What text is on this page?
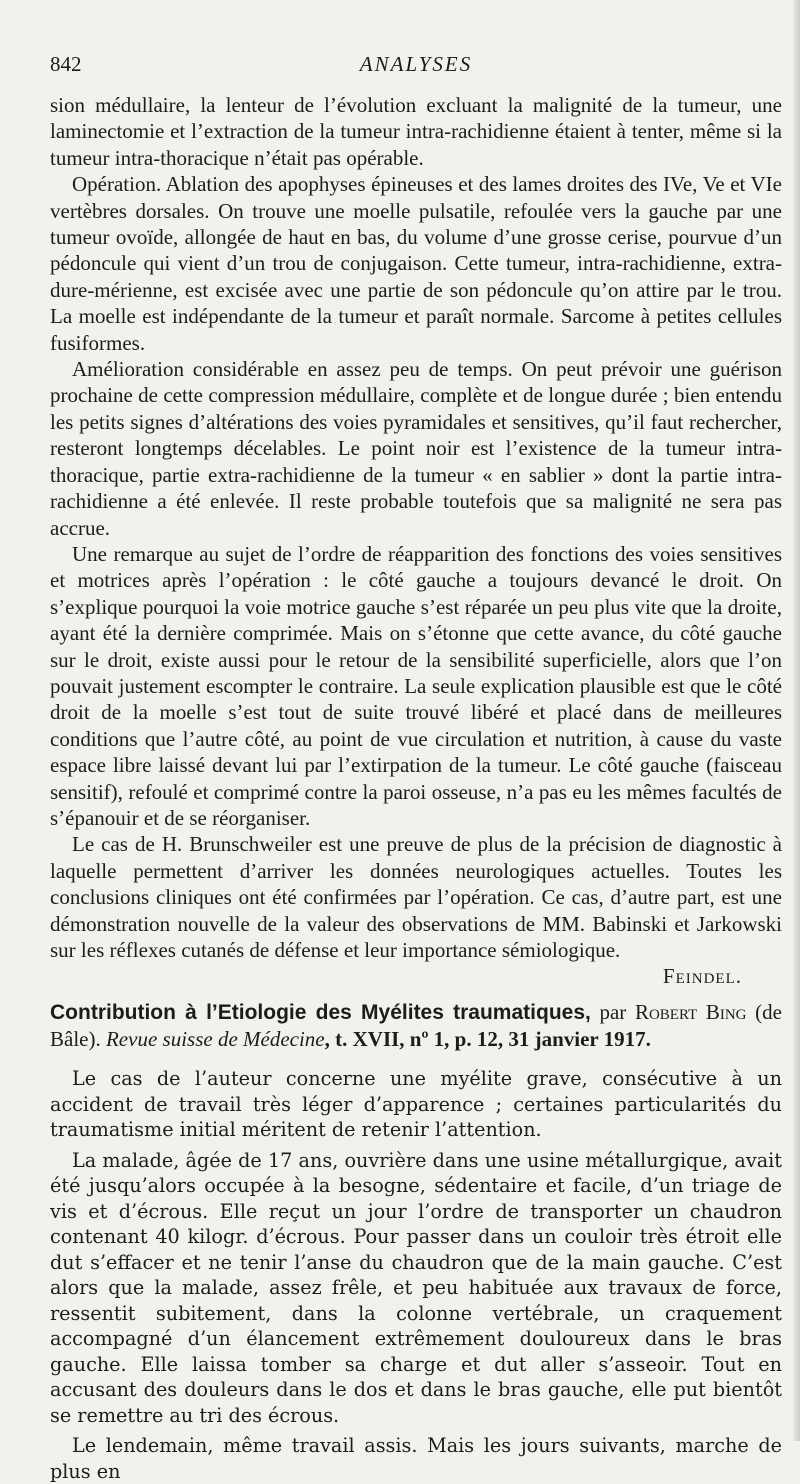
842	ANALYSES

sion médullaire, la lenteur de l’évolution excluant la malignité de la tumeur, une laminectomie et l’extraction de la tumeur intra-rachidienne étaient à tenter, même si la tumeur intra-thoracique n’était pas opérable.

Opération. Ablation des apophyses épineuses et des lames droites des IVe, Ve et VIe vertèbres dorsales. On trouve une moelle pulsatile, refoulée vers la gauche par une tumeur ovoïde, allongée de haut en bas, du volume d’une grosse cerise, pourvue d’un pédoncule qui vient d’un trou de conjugaison. Cette tumeur, intra-rachidienne, extra-dure-mérienne, est excisée avec une partie de son pédoncule qu’on attire par le trou. La moelle est indépendante de la tumeur et paraît normale. Sarcome à petites cellules fusiformes.

Amélioration considérable en assez peu de temps. On peut prévoir une guérison prochaine de cette compression médullaire, complète et de longue durée ; bien entendu les petits signes d’altérations des voies pyramidales et sensitives, qu’il faut rechercher, resteront longtemps décelables. Le point noir est l’existence de la tumeur intra-thoracique, partie extra-rachidienne de la tumeur « en sablier » dont la partie intra-rachidienne a été enlevée. Il reste probable toutefois que sa malignité ne sera pas accrue.

Une remarque au sujet de l’ordre de réapparition des fonctions des voies sensitives et motrices après l’opération : le côté gauche a toujours devancé le droit. On s’explique pourquoi la voie motrice gauche s’est réparée un peu plus vite que la droite, ayant été la dernière comprimée. Mais on s’étonne que cette avance, du côté gauche sur le droit, existe aussi pour le retour de la sensibilité superficielle, alors que l’on pouvait justement escompter le contraire. La seule explication plausible est que le côté droit de la moelle s’est tout de suite trouvé libéré et placé dans de meilleures conditions que l’autre côté, au point de vue circulation et nutrition, à cause du vaste espace libre laissé devant lui par l’extirpation de la tumeur. Le côté gauche (faisceau sensitif), refoulé et comprimé contre la paroi osseuse, n’a pas eu les mêmes facultés de s’épanouir et de se réorganiser.

Le cas de H. Brunschweiler est une preuve de plus de la précision de diagnostic à laquelle permettent d’arriver les données neurologiques actuelles. Toutes les conclusions cliniques ont été confirmées par l’opération. Ce cas, d’autre part, est une démonstration nouvelle de la valeur des observations de MM. Babinski et Jarkowski sur les réflexes cutanés de défense et leur importance sémiologique.

Feindel.

Contribution à l’Etiologie des Myélites traumatiques, par Robert Bing (de Bâle). Revue suisse de Médecine, t. XVII, nº 1, p. 12, 31 janvier 1917.

Le cas de l’auteur concerne une myélite grave, consécutive à un accident de travail très léger d’apparence ; certaines particularités du traumatisme initial méritent de retenir l’attention.

La malade, âgée de 17 ans, ouvrière dans une usine métallurgique, avait été jusqu’alors occupée à la besogne, sédentaire et facile, d’un triage de vis et d’écrous. Elle reçut un jour l’ordre de transporter un chaudron contenant 40 kilogr. d’écrous. Pour passer dans un couloir très étroit elle dut s’effacer et ne tenir l’anse du chaudron que de la main gauche. C’est alors que la malade, assez frêle, et peu habituée aux travaux de force, ressentit subitement, dans la colonne vertébrale, un craquement accompagné d’un élancement extrêmement douloureux dans le bras gauche. Elle laissa tomber sa charge et dut aller s’asseoir. Tout en accusant des douleurs dans le dos et dans le bras gauche, elle put bientôt se remettre au tri des écrous.

Le lendemain, même travail assis. Mais les jours suivants, marche de plus en
